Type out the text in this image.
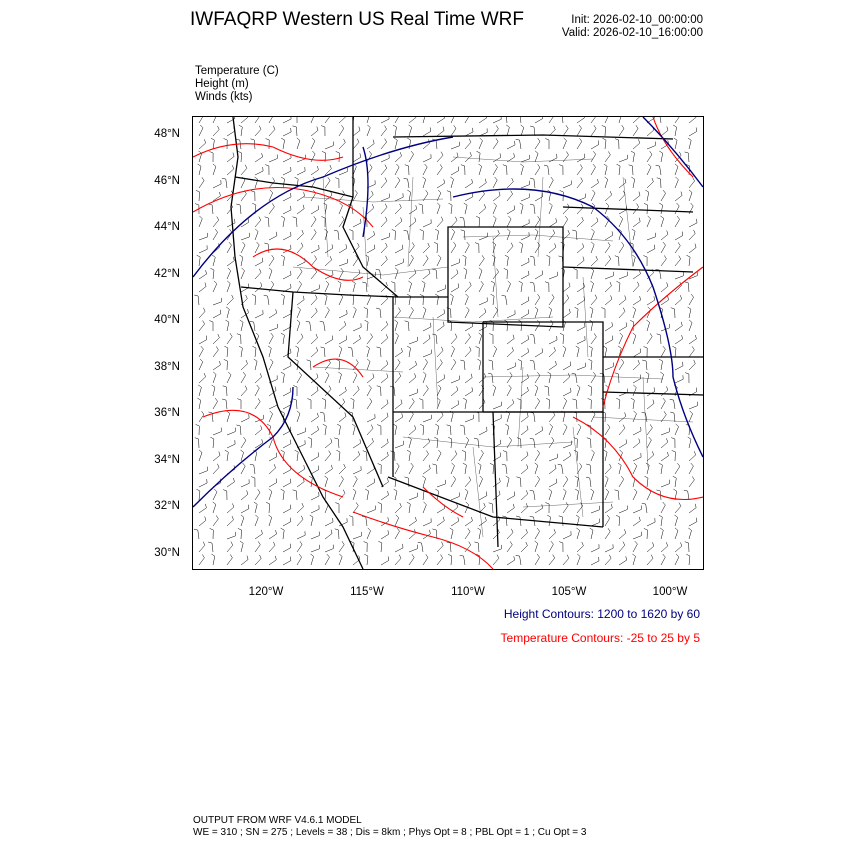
IWFAQRP Western US Real Time WRF	Init: 2026-02-10_00:00:00
Valid: 2026-02-10_16:00:00
Temperature (C)
Height (m)
Winds (kts)
48°N
46°N
44°N
42°N
40°N
38°N
36°N
34°N
32°N
30°N
120°W	115°W	110°W	105°W	100°W
Height Contours: 1200 to 1620 by 60
Temperature Contours: -25 to 25 by 5
OUTPUT FROM WRF V4.6.1 MODEL
WE = 310 ; SN = 275 ; Levels = 38 ; Dis = 8km ; Phys Opt = 8 ; PBL Opt = 1 ; Cu Opt = 3
